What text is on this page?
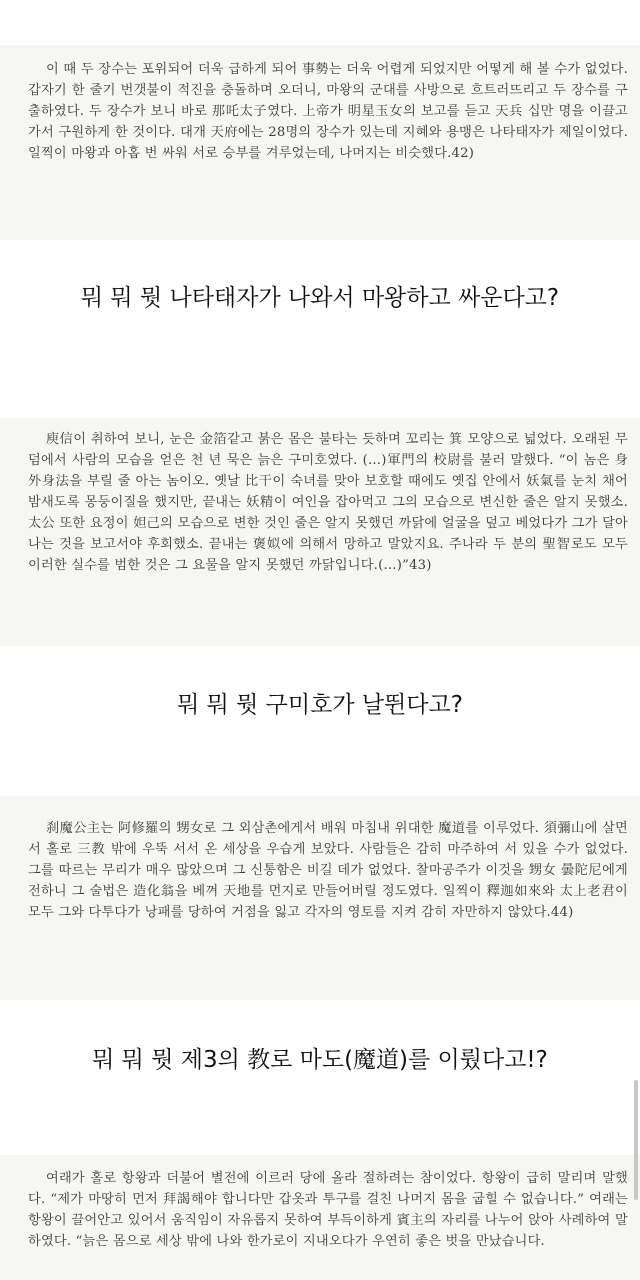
이 때 두 장수는 포위되어 더욱 급하게 되어 事勢는 더욱 어렵게 되었지만 어떻게 해 볼 수가 없었다. 갑자기 한 줄기 번갯불이 적진을 충돌하며 오더니, 마왕의 군대를 사방으로 흐트러뜨리고 두 장수를 구출하였다. 두 장수가 보니 바로 那吒太子였다. 上帝가 明星玉女의 보고를 듣고 天兵 십만 명을 이끌고 가서 구원하게 한 것이다. 대개 天府에는 28명의 장수가 있는데 지혜와 용맹은 나타태자가 제일이었다. 일찍이 마왕과 아홉 번 싸워 서로 승부를 겨루었는데, 나머지는 비슷했다.42)

뭐 뭐 뭣 나타태자가 나와서 마왕하고 싸운다고?

庾信이 취하여 보니, 눈은 金箔같고 붉은 몸은 불타는 듯하며 꼬리는 箕 모양으로 넓었다. 오래된 무덤에서 사람의 모습을 얻은 천 년 묵은 늙은 구미호였다. (…)軍門의 校尉를 불러 말했다. “이 놈은 身外身法을 부릴 줄 아는 놈이오. 옛날 比干이 숙녀를 맞아 보호할 때에도 옛집 안에서 妖氣를 눈치 채어 밤새도록 몽둥이질을 했지만, 끝내는 妖精이 여인을 잡아먹고 그의 모습으로 변신한 줄은 알지 못했소. 太公 또한 요정이 妲己의 모습으로 변한 것인 줄은 알지 못했던 까닭에 얼굴을 덮고 베었다가 그가 달아나는 것을 보고서야 후회했소. 끝내는 褒姒에 의해서 망하고 말았지요. 주나라 두 분의 聖智로도 모두 이러한 실수를 범한 것은 그 요물을 알지 못했던 까닭입니다.(…)”43)

뭐 뭐 뭣 구미호가 날뛴다고?

刹魔公主는 阿修羅의 甥女로 그 외삼촌에게서 배워 마침내 위대한 魔道를 이루었다. 須彌山에 살면서 홀로 三教 밖에 우뚝 서서 온 세상을 우습게 보았다. 사람들은 감히 마주하여 서 있을 수가 없었다. 그를 따르는 무리가 매우 많았으며 그 신통함은 비길 데가 없었다. 찰마공주가 이것을 甥女 曇陀尼에게 전하니 그 술법은 造化翁을 베껴 天地를 먼지로 만들어버릴 정도였다. 일찍이 釋迦如來와 太上老君이 모두 그와 다투다가 낭패를 당하여 거점을 잃고 각자의 영토를 지켜 감히 자만하지 않았다.44)

뭐 뭐 뭣 제3의 教로 마도(魔道)를 이뤘다고!?

여래가 홀로 항왕과 더불어 별전에 이르러 당에 올라 절하려는 참이었다. 항왕이 급히 말리며 말했다. “제가 마땅히 먼저 拜謁해야 합니다만 갑옷과 투구를 걸친 나머지 몸을 굽힐 수 없습니다.” 여래는 항왕이 끌어안고 있어서 움직임이 자유롭지 못하여 부득이하게 賓主의 자리를 나누어 앉아 사례하여 말하였다. “늙은 몸으로 세상 밖에 나와 한가로이 지내오다가 우연히 좋은 벗을 만났습니다.
